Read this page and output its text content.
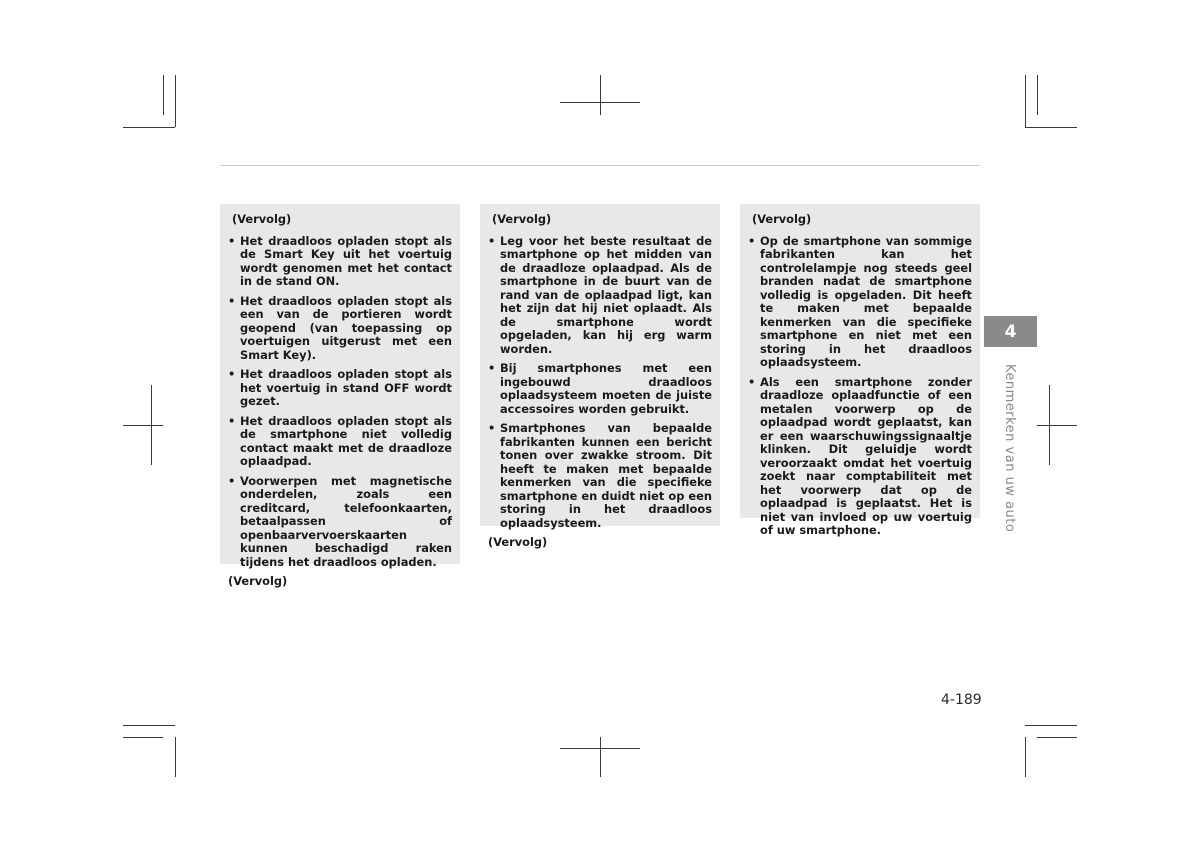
(Vervolg)
• Het draadloos opladen stopt als de Smart Key uit het voertuig wordt genomen met het contact in de stand ON.
• Het draadloos opladen stopt als een van de portieren wordt geopend (van toepassing op voertuigen uitgerust met een Smart Key).
• Het draadloos opladen stopt als het voertuig in stand OFF wordt gezet.
• Het draadloos opladen stopt als de smartphone niet volledig contact maakt met de draadloze oplaadpad.
• Voorwerpen met magnetische onderdelen, zoals een creditcard, telefoonkaarten, betaalpassen of openbaarvervoerskaarten kunnen beschadigd raken tijdens het draadloos opladen.
(Vervolg)
(Vervolg)
• Leg voor het beste resultaat de smartphone op het midden van de draadloze oplaadpad. Als de smartphone in de buurt van de rand van de oplaadpad ligt, kan het zijn dat hij niet oplaadt. Als de smartphone wordt opgeladen, kan hij erg warm worden.
• Bij smartphones met een ingebouwd draadloos oplaadsysteem moeten de juiste accessoires worden gebruikt.
• Smartphones van bepaalde fabrikanten kunnen een bericht tonen over zwakke stroom. Dit heeft te maken met bepaalde kenmerken van die specifieke smartphone en duidt niet op een storing in het draadloos oplaadsysteem.
(Vervolg)
(Vervolg)
• Op de smartphone van sommige fabrikanten kan het controlelampje nog steeds geel branden nadat de smartphone volledig is opgeladen. Dit heeft te maken met bepaalde kenmerken van die specifieke smartphone en niet met een storing in het draadloos oplaadsysteem.
• Als een smartphone zonder draadloze oplaadfunctie of een metalen voorwerp op de oplaadpad wordt geplaatst, kan er een waarschuwingssignaaltje klinken. Dit geluidje wordt veroorzaakt omdat het voertuig zoekt naar comptabiliteit met het voorwerp dat op de oplaadpad is geplaatst. Het is niet van invloed op uw voertuig of uw smartphone.
4
Kenmerken van uw auto
4-189
